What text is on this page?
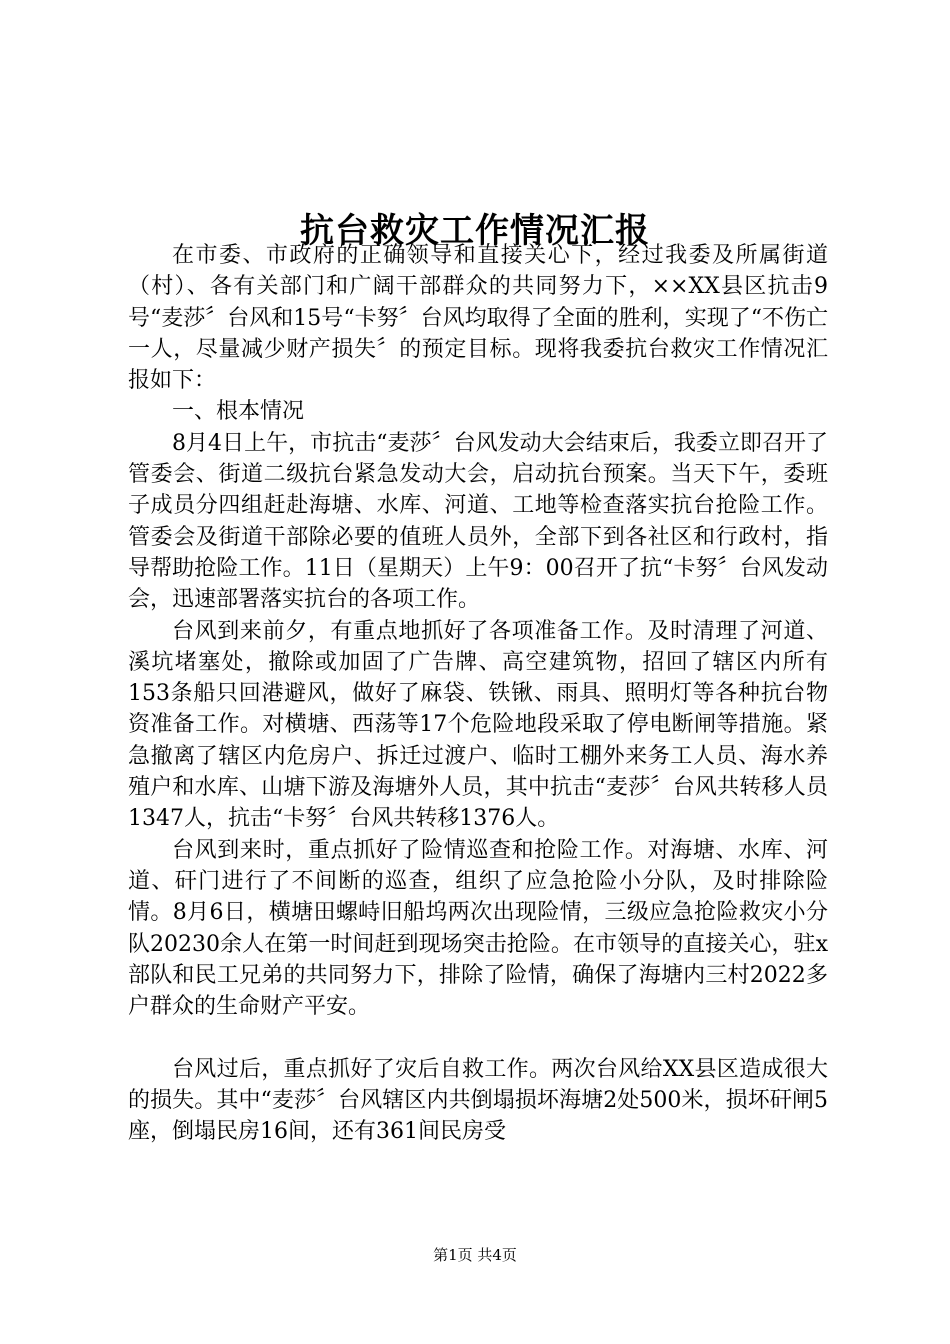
抗台救灾工作情况汇报

在市委、市政府的正确领导和直接关心下，经过我委及所属街道（村）、各有关部门和广阔干部群众的共同努力下，××XX县区抗击9号“麦莎〞台风和15号“卡努〞台风均取得了全面的胜利，实现了“不伤亡一人，尽量减少财产损失〞的预定目标。现将我委抗台救灾工作情况汇报如下：

一、根本情况

8月4日上午，市抗击“麦莎〞台风发动大会结束后，我委立即召开了管委会、街道二级抗台紧急发动大会，启动抗台预案。当天下午，委班子成员分四组赶赴海塘、水库、河道、工地等检查落实抗台抢险工作。管委会及街道干部除必要的值班人员外，全部下到各社区和行政村，指导帮助抢险工作。11日（星期天）上午9：00召开了抗“卡努〞台风发动会，迅速部署落实抗台的各项工作。

台风到来前夕，有重点地抓好了各项准备工作。及时清理了河道、溪坑堵塞处，撤除或加固了广告牌、高空建筑物，招回了辖区内所有153条船只回港避风，做好了麻袋、铁锹、雨具、照明灯等各种抗台物资准备工作。对横塘、西荡等17个危险地段采取了停电断闸等措施。紧急撤离了辖区内危房户、拆迁过渡户、临时工棚外来务工人员、海水养殖户和水库、山塘下游及海塘外人员，其中抗击“麦莎〞台风共转移人员1347人，抗击“卡努〞台风共转移1376人。

台风到来时，重点抓好了险情巡查和抢险工作。对海塘、水库、河道、矸门进行了不间断的巡查，组织了应急抢险小分队，及时排除险情。8月6日，横塘田螺峙旧船坞两次出现险情，三级应急抢险救灾小分队20230余人在第一时间赶到现场突击抢险。在市领导的直接关心，驻x部队和民工兄弟的共同努力下，排除了险情，确保了海塘内三村2022多户群众的生命财产平安。

台风过后，重点抓好了灾后自救工作。两次台风给XX县区造成很大的损失。其中“麦莎〞台风辖区内共倒塌损坏海塘2处500米，损坏矸闸5座，倒塌民房16间，还有361间民房受

第1页 共4页
